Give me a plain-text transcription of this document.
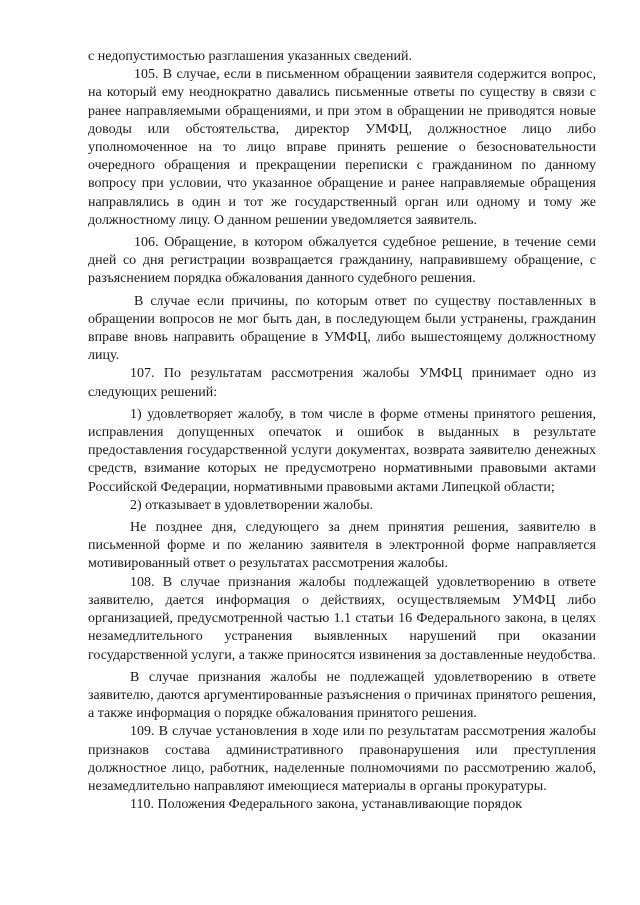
с недопустимостью разглашения указанных сведений.

105. В случае, если в письменном обращении заявителя содержится вопрос, на который ему неоднократно давались письменные ответы по существу в связи с ранее направляемыми обращениями, и при этом в обращении не приводятся новые доводы или обстоятельства, директор УМФЦ, должностное лицо либо уполномоченное на то лицо вправе принять решение о безосновательности очередного обращения и прекращении переписки с гражданином по данному вопросу при условии, что указанное обращение и ранее направляемые обращения направлялись в один и тот же государственный орган или одному и тому же должностному лицу. О данном решении уведомляется заявитель.

106. Обращение, в котором обжалуется судебное решение, в течение семи дней со дня регистрации возвращается гражданину, направившему обращение, с разъяснением порядка обжалования данного судебного решения.

В случае если причины, по которым ответ по существу поставленных в обращении вопросов не мог быть дан, в последующем были устранены, гражданин вправе вновь направить обращение в УМФЦ, либо вышестоящему должностному лицу.

107. По результатам рассмотрения жалобы УМФЦ принимает одно из следующих решений:

1) удовлетворяет жалобу, в том числе в форме отмены принятого решения, исправления допущенных опечаток и ошибок в выданных в результате предоставления государственной услуги документах, возврата заявителю денежных средств, взимание которых не предусмотрено нормативными правовыми актами Российской Федерации, нормативными правовыми актами Липецкой области;

2) отказывает в удовлетворении жалобы.

Не позднее дня, следующего за днем принятия решения, заявителю в письменной форме и по желанию заявителя в электронной форме направляется мотивированный ответ о результатах рассмотрения жалобы.

108. В случае признания жалобы подлежащей удовлетворению в ответе заявителю, дается информация о действиях, осуществляемым УМФЦ либо организацией, предусмотренной частью 1.1 статьи 16 Федерального закона, в целях незамедлительного устранения выявленных нарушений при оказании государственной услуги, а также приносятся извинения за доставленные неудобства.

В случае признания жалобы не подлежащей удовлетворению в ответе заявителю, даются аргументированные разъяснения о причинах принятого решения, а также информация о порядке обжалования принятого решения.

109. В случае установления в ходе или по результатам рассмотрения жалобы признаков состава административного правонарушения или преступления должностное лицо, работник, наделенные полномочиями по рассмотрению жалоб, незамедлительно направляют имеющиеся материалы в органы прокуратуры.

110. Положения Федерального закона, устанавливающие порядок
